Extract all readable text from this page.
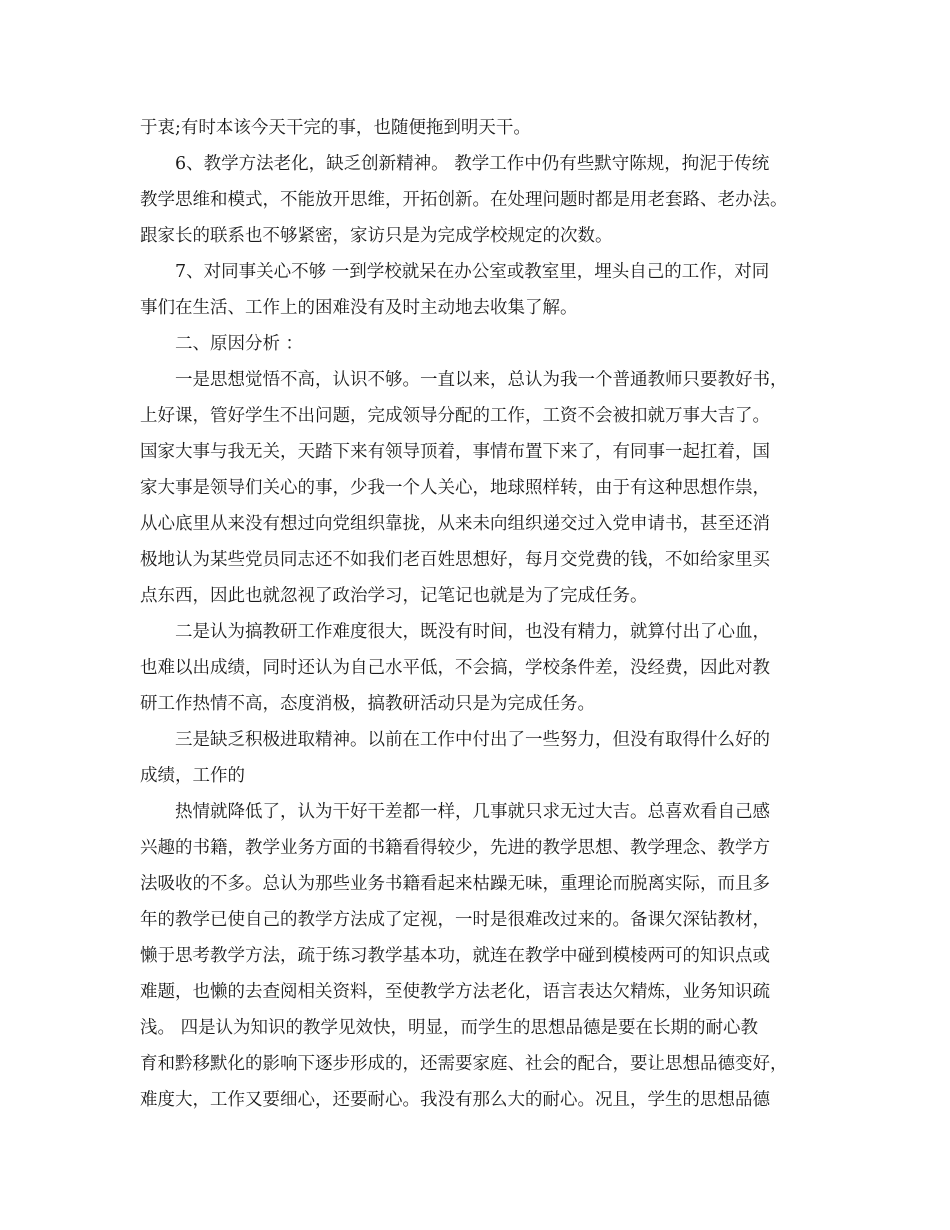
于衷;有时本该今天干完的事，也随便拖到明天干。
6、教学方法老化，缺乏创新精神。 教学工作中仍有些默守陈规，拘泥于传统
教学思维和模式，不能放开思维，开拓创新。在处理问题时都是用老套路、老办法。
跟家长的联系也不够紧密，家访只是为完成学校规定的次数。
7、对同事关心不够 一到学校就呆在办公室或教室里，埋头自己的工作，对同
事们在生活、工作上的困难没有及时主动地去收集了解。
二、原因分析 ：
一是思想觉悟不高，认识不够。一直以来，总认为我一个普通教师只要教好书，
上好课，管好学生不出问题，完成领导分配的工作，工资不会被扣就万事大吉了。
国家大事与我无关，天踏下来有领导顶着，事情布置下来了，有同事一起扛着，国
家大事是领导们关心的事，少我一个人关心，地球照样转，由于有这种思想作祟，
从心底里从来没有想过向党组织靠拢，从来未向组织递交过入党申请书，甚至还消
极地认为某些党员同志还不如我们老百姓思想好，每月交党费的钱，不如给家里买
点东西，因此也就忽视了政治学习，记笔记也就是为了完成任务。
二是认为搞教研工作难度很大，既没有时间，也没有精力，就算付出了心血，
也难以出成绩，同时还认为自己水平低，不会搞，学校条件差，没经费，因此对教
研工作热情不高，态度消极，搞教研活动只是为完成任务。
三是缺乏积极进取精神。以前在工作中付出了一些努力，但没有取得什么好的
成绩，工作的
热情就降低了，认为干好干差都一样，几事就只求无过大吉。总喜欢看自己感
兴趣的书籍，教学业务方面的书籍看得较少，先进的教学思想、教学理念、教学方
法吸收的不多。总认为那些业务书籍看起来枯躁无味，重理论而脱离实际，而且多
年的教学已使自己的教学方法成了定视，一时是很难改过来的。备课欠深钻教材，
懒于思考教学方法，疏于练习教学基本功，就连在教学中碰到模棱两可的知识点或
难题，也懒的去查阅相关资料，至使教学方法老化，语言表达欠精炼，业务知识疏
浅。 四是认为知识的教学见效快，明显，而学生的思想品德是要在长期的耐心教
育和黔移默化的影响下逐步形成的，还需要家庭、社会的配合，要让思想品德变好，
难度大，工作又要细心，还要耐心。我没有那么大的耐心。况且，学生的思想品德
